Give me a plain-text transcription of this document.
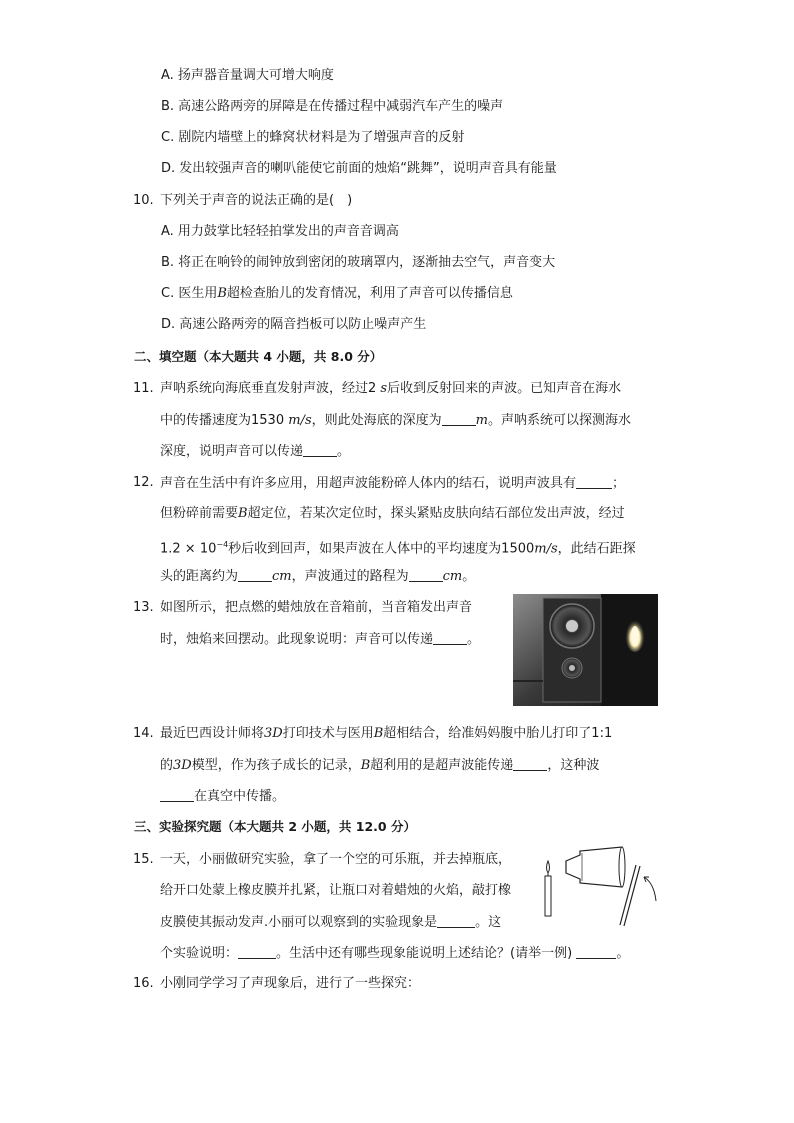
A. 扬声器音量调大可增大响度
B. 高速公路两旁的屏障是在传播过程中减弱汽车产生的噪声
C. 剧院内墙壁上的蜂窝状材料是为了增强声音的反射
D. 发出较强声音的喇叭能使它前面的烛焰“跳舞”，说明声音具有能量
10. 下列关于声音的说法正确的是(　)
A. 用力鼓掌比轻轻拍掌发出的声音音调高
B. 将正在响铃的闹钟放到密闭的玻璃罩内，逐渐抽去空气，声音变大
C. 医生用B超检查胎儿的发育情况，利用了声音可以传播信息
D. 高速公路两旁的隔音挡板可以防止噪声产生
二、填空题（本大题共 4 小题，共 8.0 分）
11. 声呐系统向海底垂直发射声波，经过2 s后收到反射回来的声波。已知声音在海水
中的传播速度为1530 m/s，则此处海底的深度为	m。声呐系统可以探测海水
深度，说明声音可以传递	。
12. 声音在生活中有许多应用，用超声波能粉碎人体内的结石，说明声波具有	；
但粉碎前需要B超定位，若某次定位时，探头紧贴皮肤向结石部位发出声波，经过
$1.2 \times 10^{-4}$秒后收到回声，如果声波在人体中的平均速度为1500m/s，此结石距探
头的距离约为	cm，声波通过的路程为	cm。
13. 如图所示，把点燃的蜡烛放在音箱前，当音箱发出声音
时，烛焰来回摆动。此现象说明：声音可以传递	。
14. 最近巴西设计师将3D打印技术与医用B超相结合，给准妈妈腹中胎儿打印了1:1
的3D模型，作为孩子成长的记录，B超利用的是超声波能传递	，这种波
在真空中传播。
三、实验探究题（本大题共 2 小题，共 12.0 分）
15. 一天，小丽做研究实验，拿了一个空的可乐瓶，并去掉瓶底，
给开口处蒙上橡皮膜并扎紧，让瓶口对着蜡烛的火焰，敲打橡
皮膜使其振动发声.小丽可以观察到的实验现象是	。这
个实验说明：	。生活中还有哪些现象能说明上述结论？(请举一例)	。
16. 小刚同学学习了声现象后，进行了一些探究：
